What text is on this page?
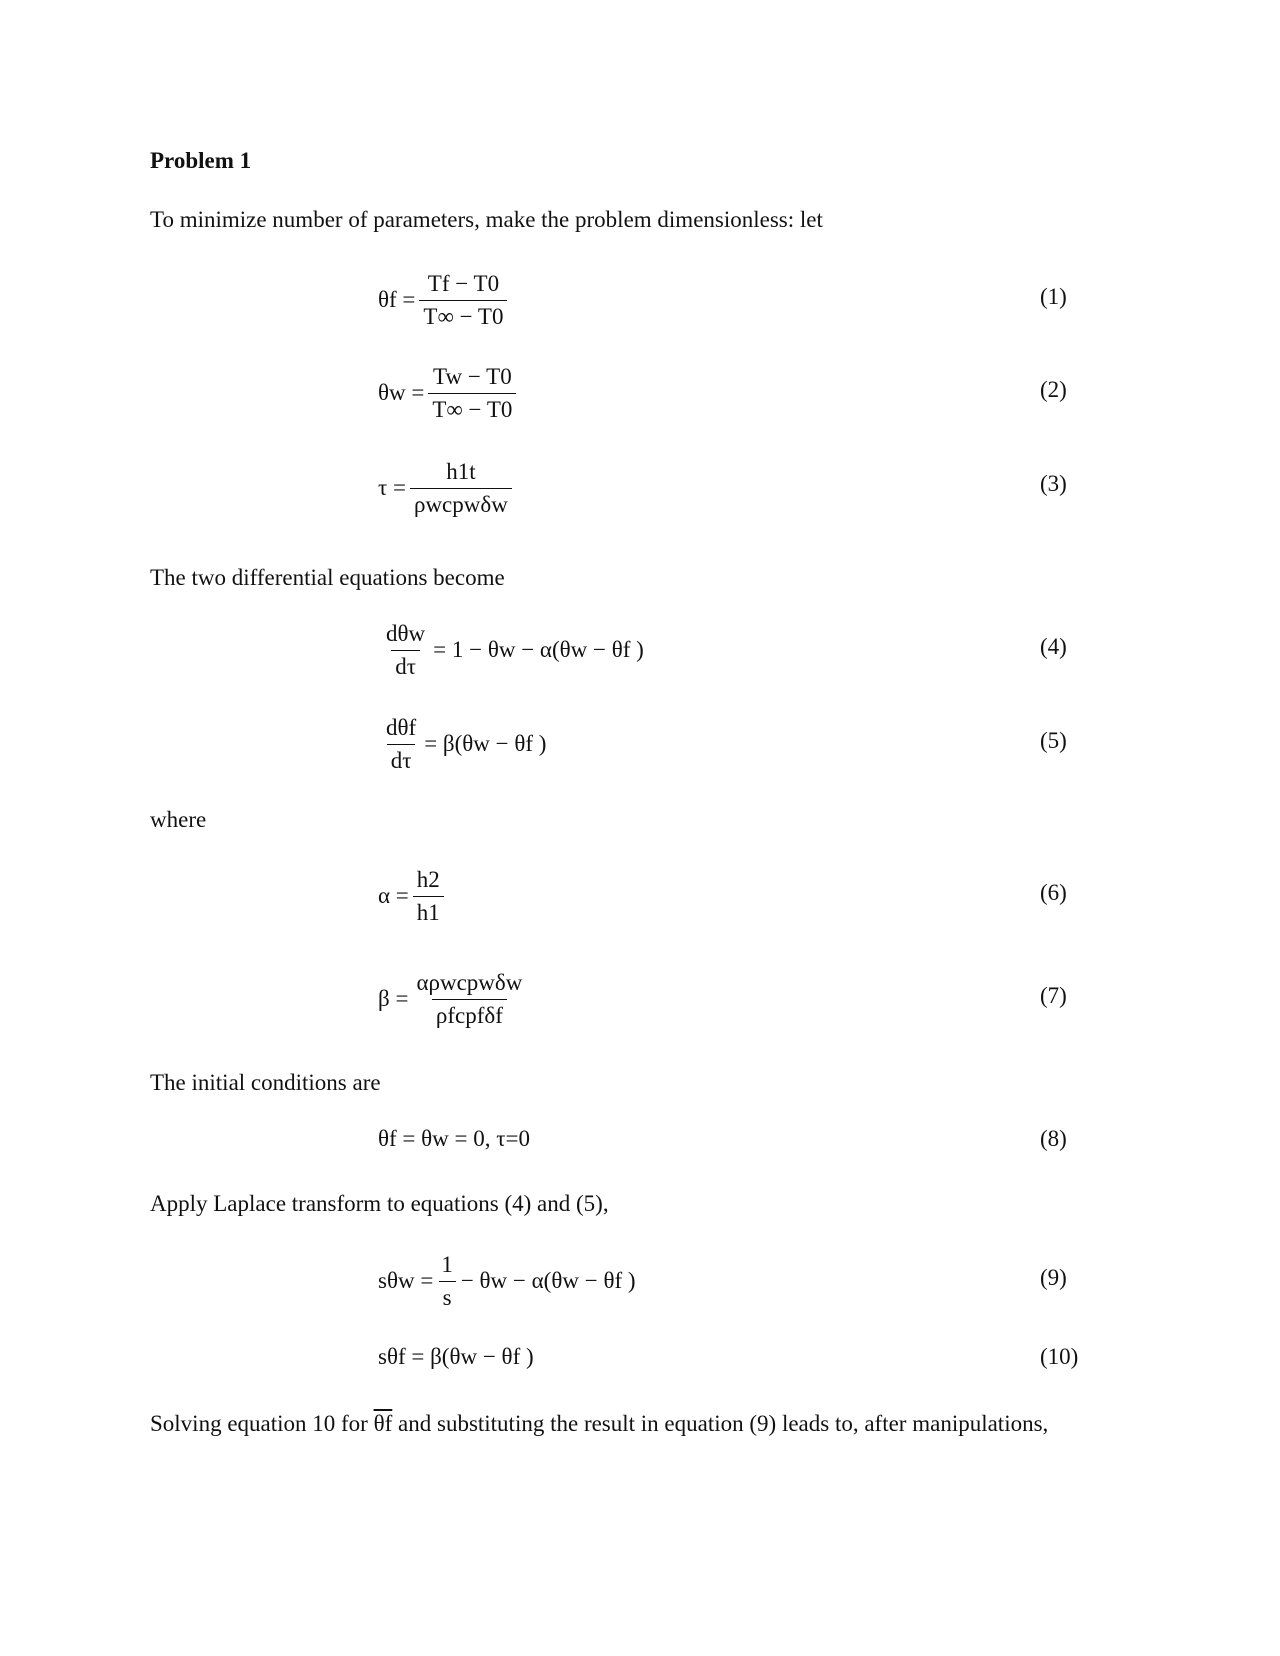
Problem 1
To minimize number of parameters, make the problem dimensionless: let
$\theta f = \frac{Tf - T0}{T\infty - T0}$	(1)
$\theta w = \frac{Tw - T0}{T\infty - T0}$	(2)
$\tau = \frac{h1t}{\text{ρwcpwδw}}$	(3)
The two differential equations become
$\frac{\text{dθw}}{d\tau} = 1 - \theta w - \alpha(\theta w - \theta f$ )	(4)
$\frac{\text{dθf}}{d\tau} = \beta(\theta w - \theta f$ )	(5)
where
$\alpha = \frac{h2}{h1}$	(6)
$\beta = \frac{\text{αρwcpwδw}}{\text{ρfcpfδf}}$	(7)
The initial conditions are
θf = θw = 0, τ=0	(8)
Apply Laplace transform to equations (4) and (5),
$s\theta w = \frac{1}{s} - \theta w - \alpha(\theta w - \theta f$ )	(9)
sθf = β(θw − θf )	(10)
Solving equation 10 for $\overline{\theta f}$ and substituting the result in equation (9) leads to, after manipulations,
